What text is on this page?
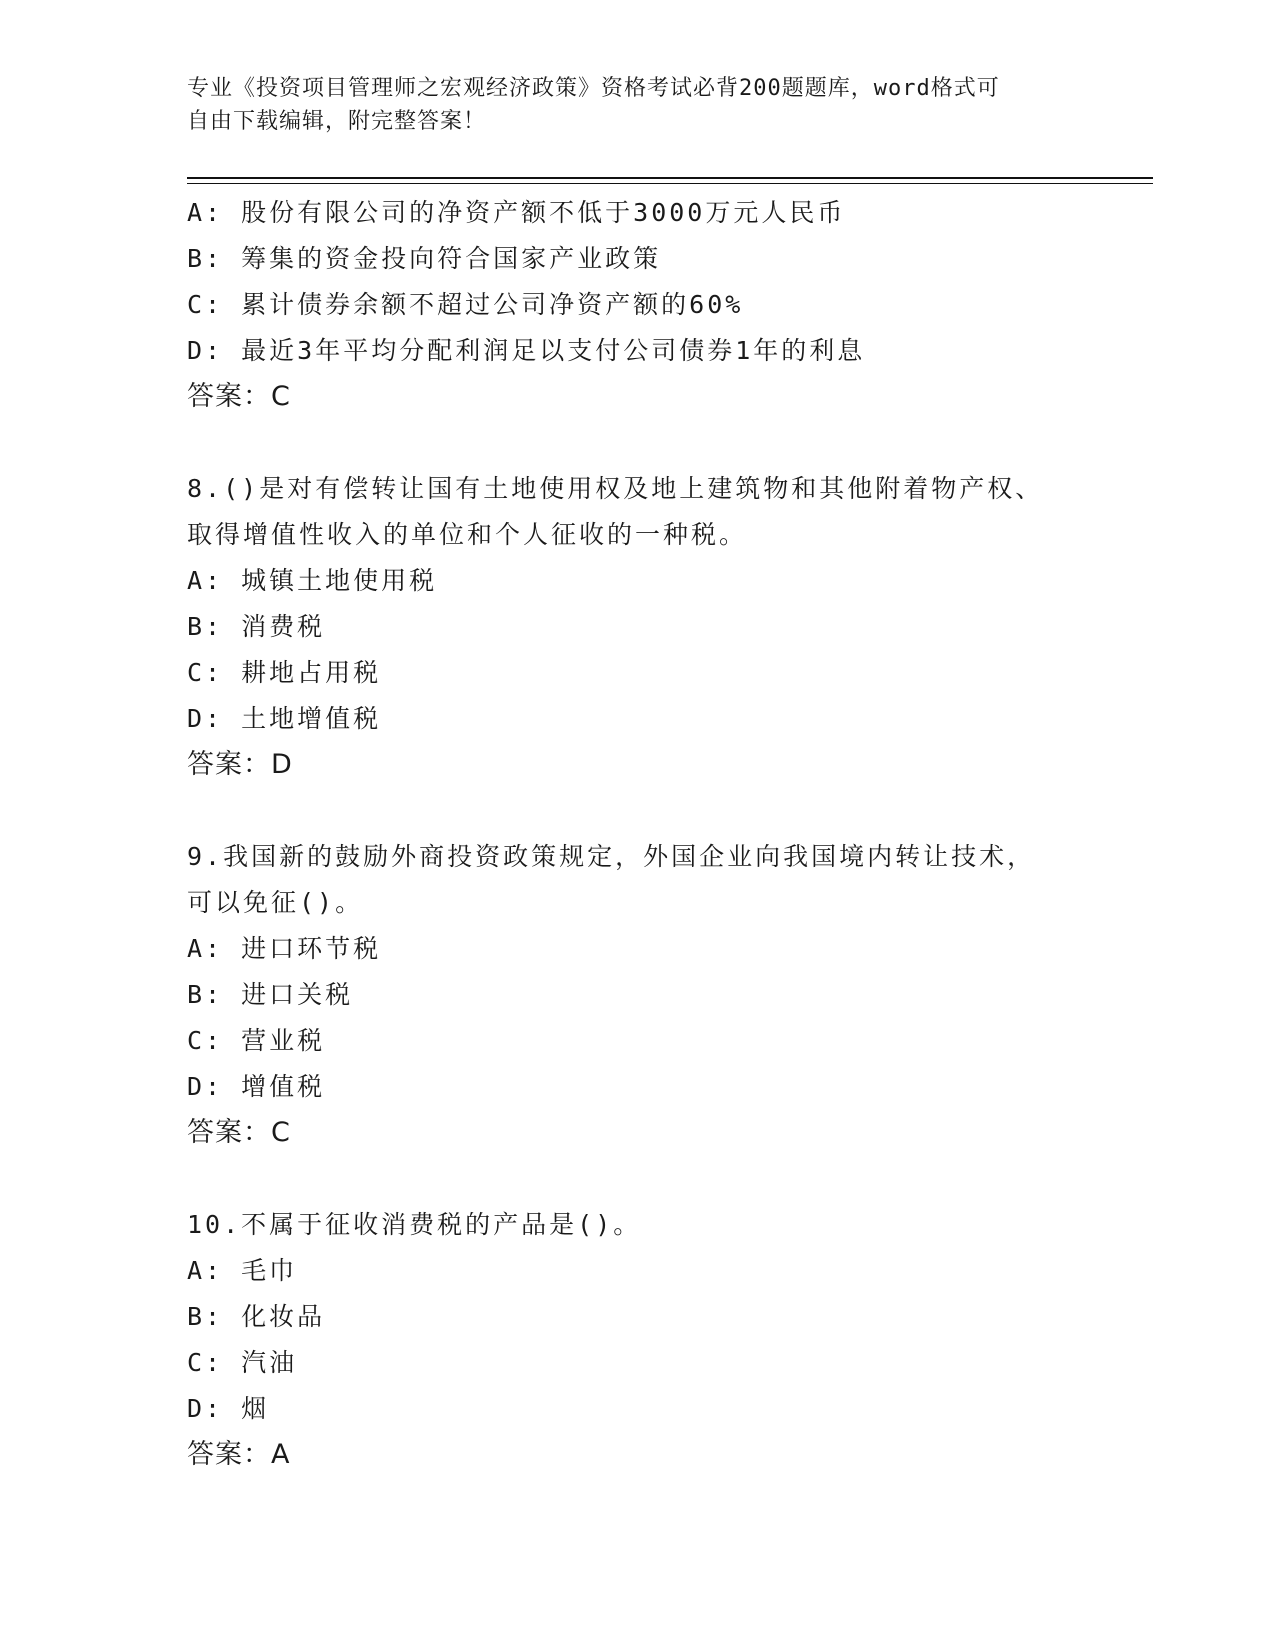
专业《投资项目管理师之宏观经济政策》资格考试必背200题题库，word格式可
自由下载编辑，附完整答案！
A: 股份有限公司的净资产额不低于3000万元人民币
B: 筹集的资金投向符合国家产业政策
C: 累计债券余额不超过公司净资产额的60%
D: 最近3年平均分配利润足以支付公司债券1年的利息
答案：C
8.()是对有偿转让国有土地使用权及地上建筑物和其他附着物产权、
取得增值性收入的单位和个人征收的一种税。
A: 城镇土地使用税
B: 消费税
C: 耕地占用税
D: 土地增值税
答案：D
9.我国新的鼓励外商投资政策规定，外国企业向我国境内转让技术，
可以免征()。
A: 进口环节税
B: 进口关税
C: 营业税
D: 增值税
答案：C
10.不属于征收消费税的产品是()。
A: 毛巾
B: 化妆品
C: 汽油
D: 烟
答案：A
